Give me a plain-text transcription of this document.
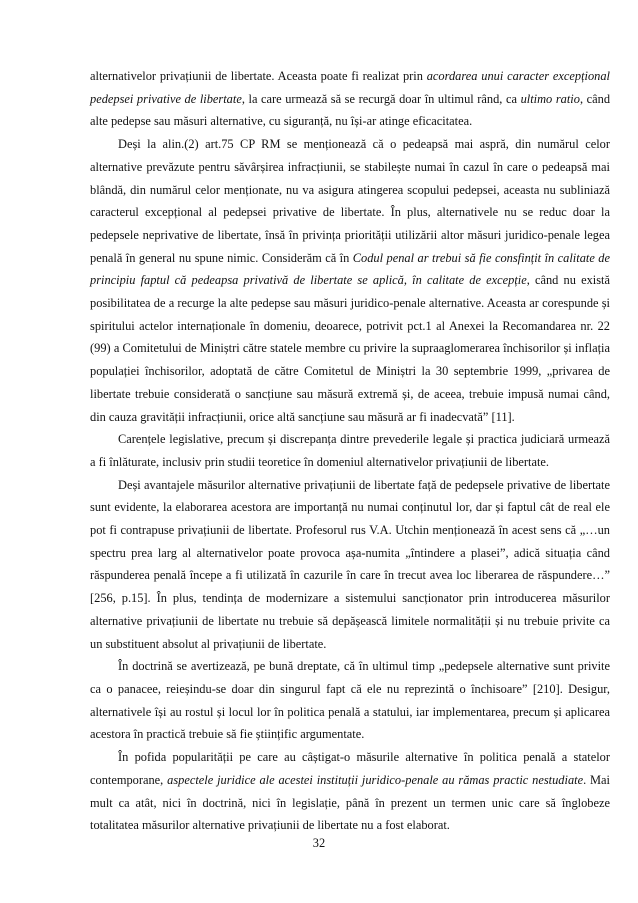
alternativelor privațiunii de libertate. Aceasta poate fi realizat prin acordarea unui caracter excepțional pedepsei privative de libertate, la care urmează să se recurgă doar în ultimul rând, ca ultimo ratio, când alte pedepse sau măsuri alternative, cu siguranță, nu își-ar atinge eficacitatea.

Deși la alin.(2) art.75 CP RM se menționează că o pedeapsă mai aspră, din numărul celor alternative prevăzute pentru săvârșirea infracțiunii, se stabilește numai în cazul în care o pedeapsă mai blândă, din numărul celor menționate, nu va asigura atingerea scopului pedepsei, aceasta nu subliniază caracterul excepțional al pedepsei privative de libertate. În plus, alternativele nu se reduc doar la pedepsele neprivative de libertate, însă în privința priorității utilizării altor măsuri juridico-penale legea penală în general nu spune nimic. Considerăm că în Codul penal ar trebui să fie consfințit în calitate de principiu faptul că pedeapsa privativă de libertate se aplică, în calitate de excepție, când nu există posibilitatea de a recurge la alte pedepse sau măsuri juridico-penale alternative. Aceasta ar corespunde și spiritului actelor internaționale în domeniu, deoarece, potrivit pct.1 al Anexei la Recomandarea nr. 22 (99) a Comitetului de Miniștri către statele membre cu privire la supraaglomerarea închisorilor și inflația populației închisorilor, adoptată de către Comitetul de Miniștri la 30 septembrie 1999, „privarea de libertate trebuie considerată o sancțiune sau măsură extremă și, de aceea, trebuie impusă numai când, din cauza gravității infracțiunii, orice altă sancțiune sau măsură ar fi inadecvată” [11].

Carențele legislative, precum și discrepanța dintre prevederile legale și practica judiciară urmează a fi înlăturate, inclusiv prin studii teoretice în domeniul alternativelor privațiunii de libertate.

Deși avantajele măsurilor alternative privațiunii de libertate față de pedepsele privative de libertate sunt evidente, la elaborarea acestora are importanță nu numai conținutul lor, dar și faptul cât de real ele pot fi contrapuse privațiunii de libertate. Profesorul rus V.A. Utchin menționează în acest sens că „…un spectru prea larg al alternativelor poate provoca așa-numita „întindere a plasei”, adică situația când răspunderea penală începe a fi utilizată în cazurile în care în trecut avea loc liberarea de răspundere…” [256, p.15]. În plus, tendința de modernizare a sistemului sancționator prin introducerea măsurilor alternative privațiunii de libertate nu trebuie să depășească limitele normalității și nu trebuie privite ca un substituent absolut al privațiunii de libertate.

În doctrină se avertizează, pe bună dreptate, că în ultimul timp „pedepsele alternative sunt privite ca o panacee, reieșindu-se doar din singurul fapt că ele nu reprezintă o închisoare” [210]. Desigur, alternativele își au rostul și locul lor în politica penală a statului, iar implementarea, precum și aplicarea acestora în practică trebuie să fie științific argumentate.

În pofida popularității pe care au câștigat-o măsurile alternative în politica penală a statelor contemporane, aspectele juridice ale acestei instituții juridico-penale au rămas practic nestudiate. Mai mult ca atât, nici în doctrină, nici în legislație, până în prezent un termen unic care să înglobeze totalitatea măsurilor alternative privațiunii de libertate nu a fost elaborat.

32
